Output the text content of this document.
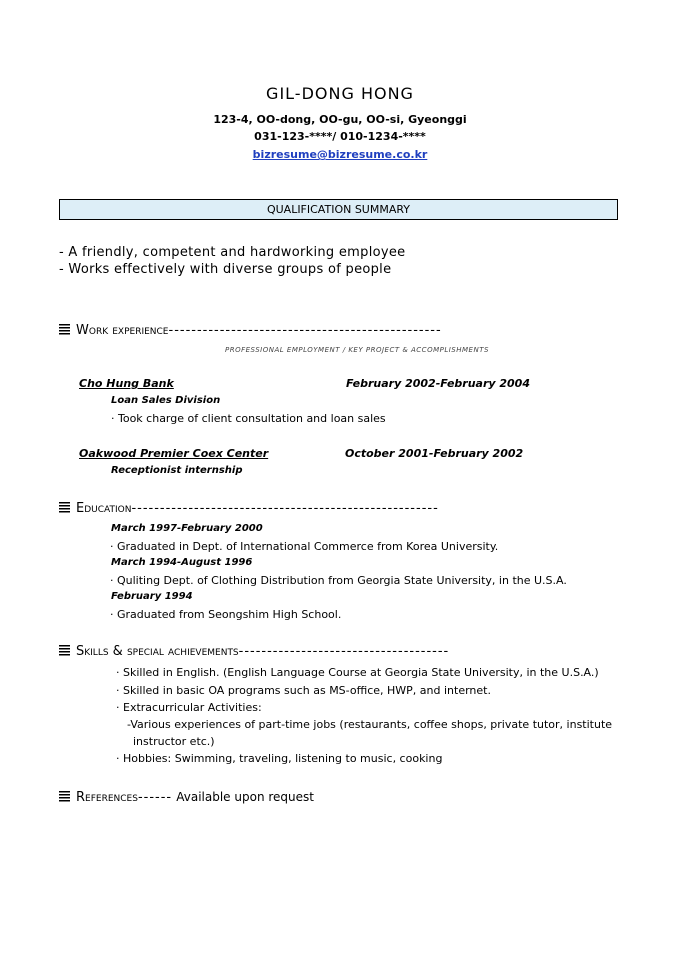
GIL-DONG HONG
123-4, OO-dong, OO-gu, OO-si, Gyeonggi
031-123-****/ 010-1234-****
bizresume@bizresume.co.kr
QUALIFICATION SUMMARY
- A friendly, competent and hardworking employee
- Works effectively with diverse groups of people
Work experience------------------------------------------------
PROFESSIONAL EMPLOYMENT / KEY PROJECT & ACCOMPLISHMENTS
Cho Hung Bank	February 2002-February 2004
Loan Sales Division
· Took charge of client consultation and loan sales
Oakwood Premier Coex Center	October 2001-February 2002
Receptionist internship
Education------------------------------------------------------
March 1997-February 2000
· Graduated in Dept. of International Commerce from Korea University.
March 1994-August 1996
· Quliting Dept. of Clothing Distribution from Georgia State University, in the U.S.A.
February 1994
· Graduated from Seongshim High School.
Skills & special achievements-------------------------------------
· Skilled in English. (English Language Course at Georgia State University, in the U.S.A.)
· Skilled in basic OA programs such as MS-office, HWP, and internet.
· Extracurricular Activities:
-Various experiences of part-time jobs (restaurants, coffee shops, private tutor, institute
instructor etc.)
· Hobbies: Swimming, traveling, listening to music, cooking
References------ Available upon request
